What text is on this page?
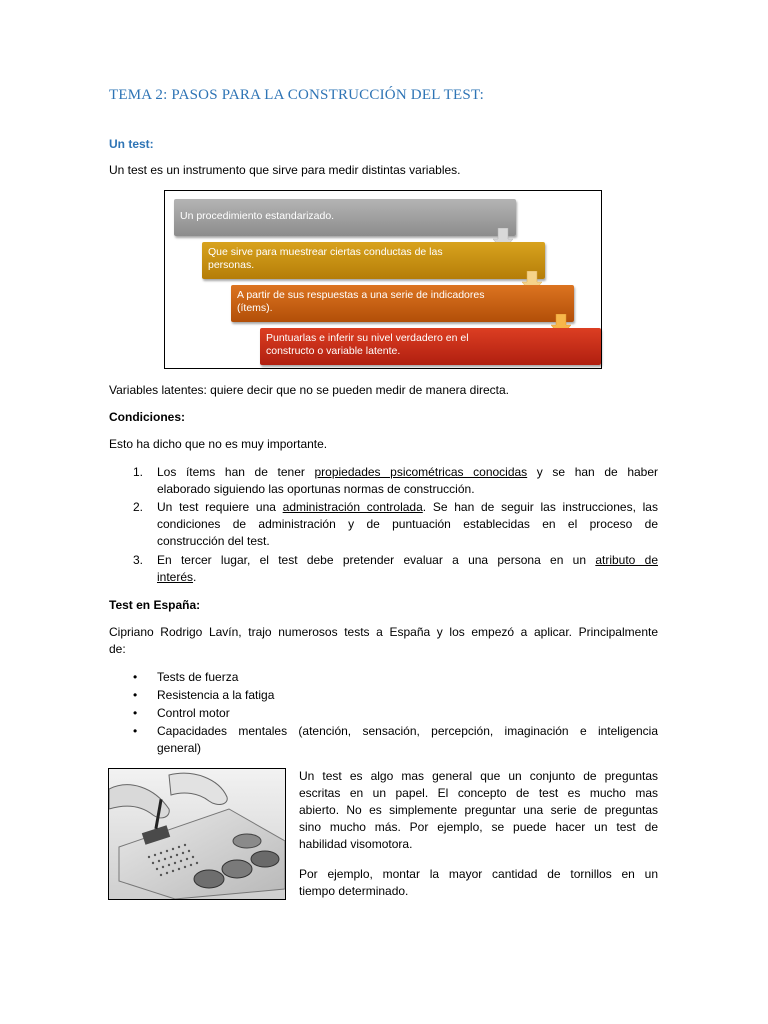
TEMA 2: PASOS PARA LA CONSTRUCCIÓN DEL TEST:

Un test:

Un test es un instrumento que sirve para medir distintas variables.

Un procedimiento estandarizado.
Que sirve para muestrear ciertas conductas de las
personas.
A partir de sus respuestas a una serie de indicadores
(ítems).
Puntuarlas e inferir su nivel verdadero en el
constructo o variable latente.

Variables latentes: quiere decir que no se pueden medir de manera directa.

Condiciones:

Esto ha dicho que no es muy importante.

1. Los ítems han de tener propiedades psicométricas conocidas y se han de haber
elaborado siguiendo las oportunas normas de construcción.
2. Un test requiere una administración controlada. Se han de seguir las instrucciones, las
condiciones de administración y de puntuación establecidas en el proceso de
construcción del test.
3. En tercer lugar, el test debe pretender evaluar a una persona en un atributo de
interés.

Test en España:

Cipriano Rodrigo Lavín, trajo numerosos tests a España y los empezó a aplicar. Principalmente
de:
• Tests de fuerza
• Resistencia a la fatiga
• Control motor
• Capacidades mentales (atención, sensación, percepción, imaginación e inteligencia
general)
Un test es algo mas general que un conjunto de preguntas
escritas en un papel. El concepto de test es mucho mas
abierto. No es simplemente preguntar una serie de preguntas
sino mucho más. Por ejemplo, se puede hacer un test de
habilidad visomotora.
Por ejemplo, montar la mayor cantidad de tornillos en un
tiempo determinado.
